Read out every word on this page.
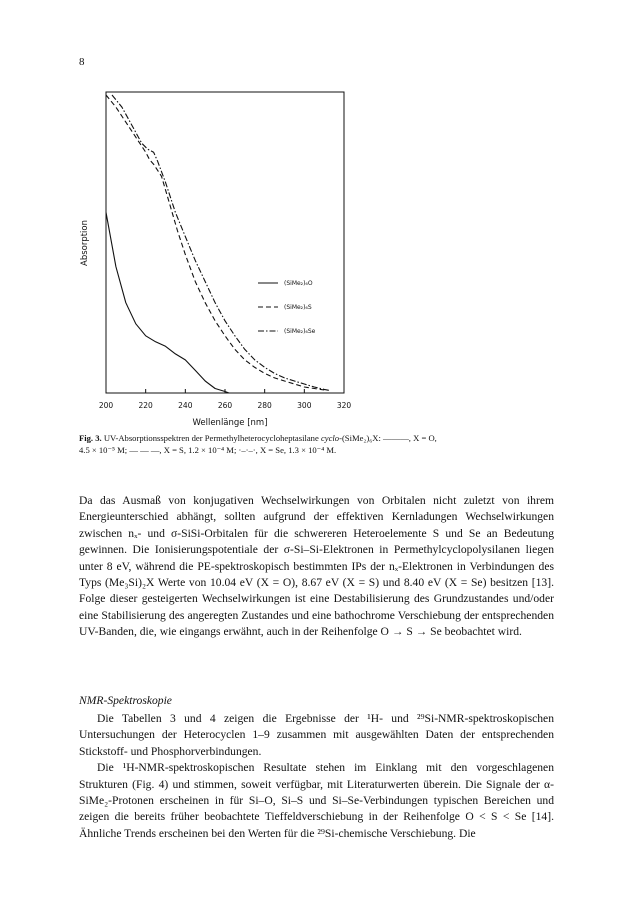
8
200	220	240	260	280	300	320
Wellenlänge [nm]
Absorption
(SiMe₂)₆O
(SiMe₂)₆S
(SiMe₂)₆Se
Fig. 3. UV-Absorptionsspektren der Permethylheterocycloheptasilane cyclo-(SiMe₂)₆X: ———, X = O,
4.5 × 10⁻⁵ M; — — —, X = S, 1.2 × 10⁻⁴ M; ·–·–·, X = Se, 1.3 × 10⁻⁴ M.

Da das Ausmaß von konjugativen Wechselwirkungen von Orbitalen nicht zuletzt von ihrem Energieunterschied abhängt, sollten aufgrund der effektiven Kernladungen Wechselwirkungen zwischen nₓ- und σ-SiSi-Orbitalen für die schwereren Heteroelemente S und Se an Bedeutung gewinnen. Die Ionisierungspotentiale der σ-Si–Si-Elektronen in Permethylcyclopolysilanen liegen unter 8 eV, während die PE-spektroskopisch bestimmten IPs der nₓ-Elektronen in Verbindungen des Typs (Me₃Si)₂X Werte von 10.04 eV (X = O), 8.67 eV (X = S) und 8.40 eV (X = Se) besitzen [13]. Folge dieser gesteigerten Wechselwirkungen ist eine Destabilisierung des Grundzustandes und/oder eine Stabilisierung des angeregten Zustandes und eine bathochrome Verschiebung der entsprechenden UV-Banden, die, wie eingangs erwähnt, auch in der Reihenfolge O → S → Se beobachtet wird.

NMR-Spektroskopie

Die Tabellen 3 und 4 zeigen die Ergebnisse der ¹H- und ²⁹Si-NMR-spektroskopischen Untersuchungen der Heterocyclen 1–9 zusammen mit ausgewählten Daten der entsprechenden Stickstoff- und Phosphorverbindungen.

Die ¹H-NMR-spektroskopischen Resultate stehen im Einklang mit den vorgeschlagenen Strukturen (Fig. 4) und stimmen, soweit verfügbar, mit Literaturwerten überein. Die Signale der α-SiMe₂-Protonen erscheinen in für Si–O, Si–S und Si–Se-Verbindungen typischen Bereichen und zeigen die bereits früher beobachtete Tieffeldverschiebung in der Reihenfolge O < S < Se [14]. Ähnliche Trends erscheinen bei den Werten für die ²⁹Si-chemische Verschiebung. Die
